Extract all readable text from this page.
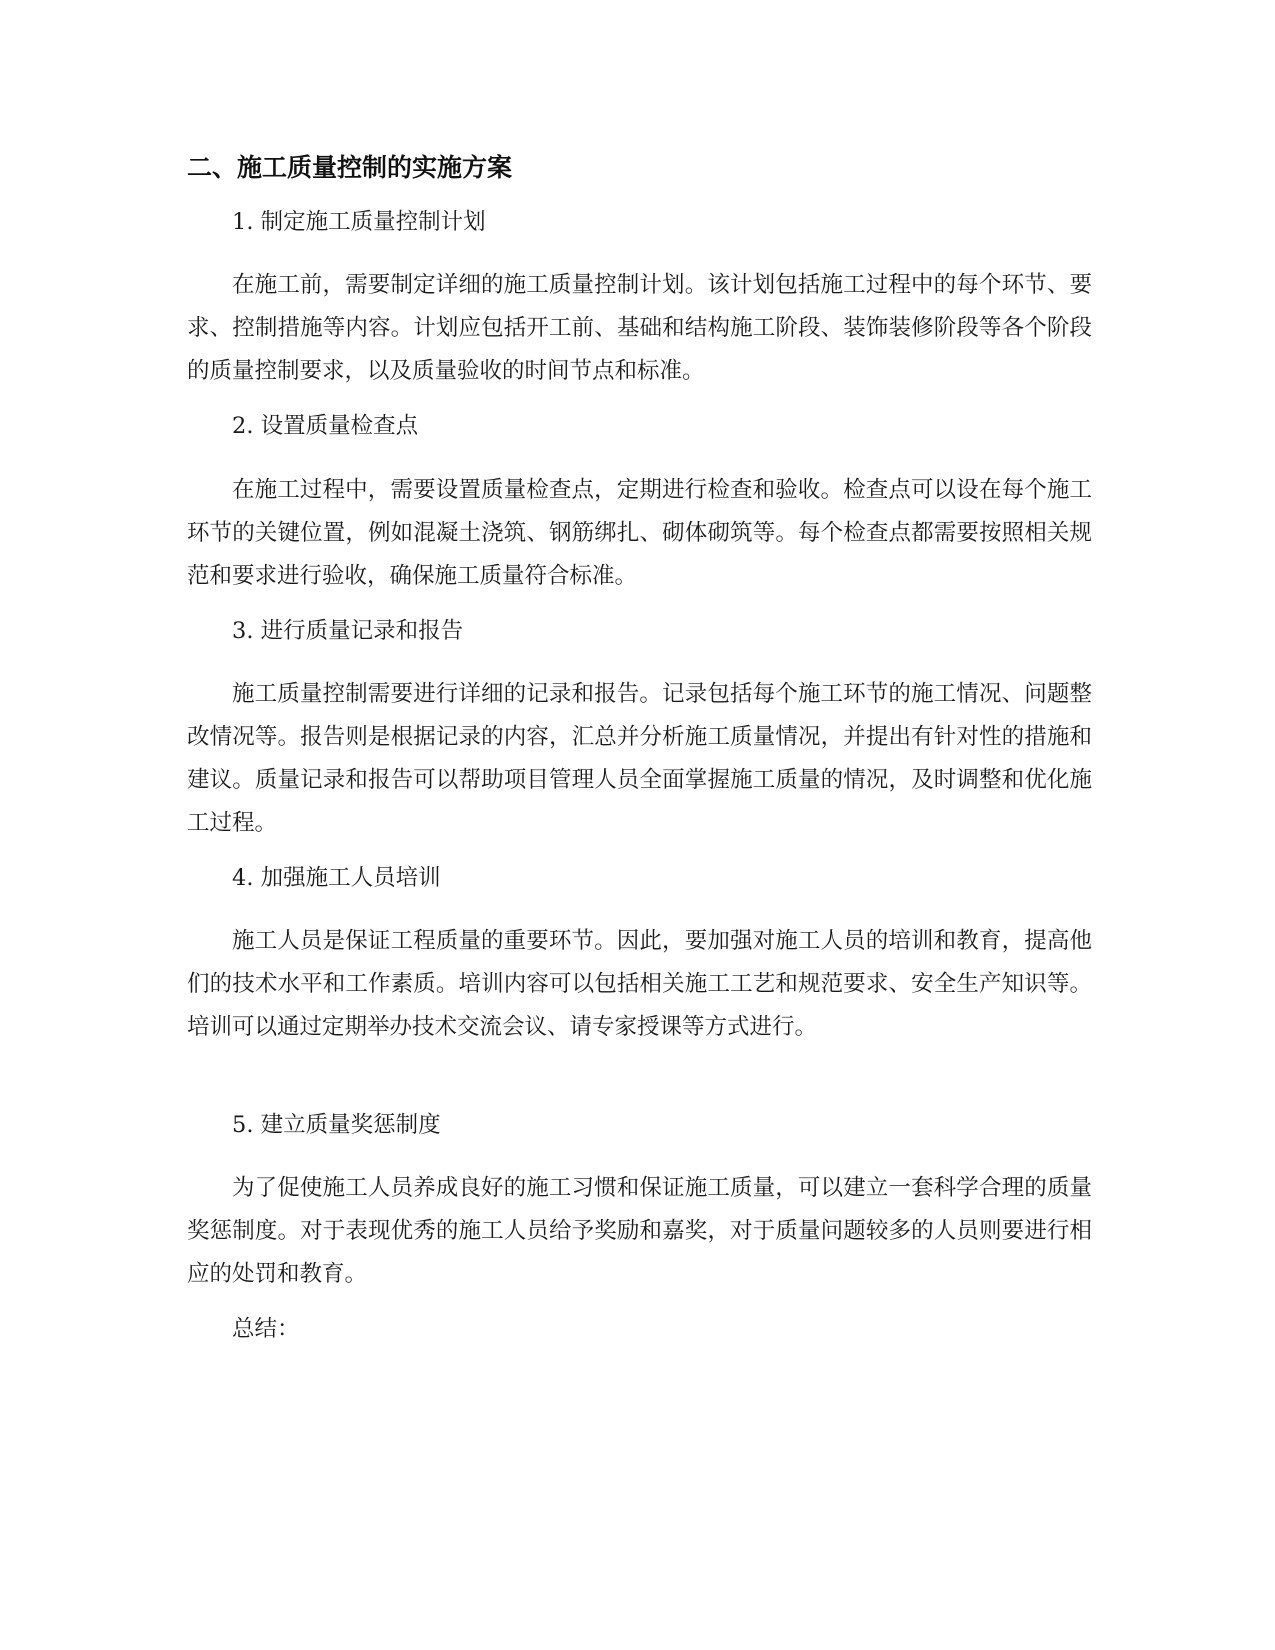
二、施工质量控制的实施方案

1. 制定施工质量控制计划

在施工前，需要制定详细的施工质量控制计划。该计划包括施工过程中的每个环节、要求、控制措施等内容。计划应包括开工前、基础和结构施工阶段、装饰装修阶段等各个阶段的质量控制要求，以及质量验收的时间节点和标准。

2. 设置质量检查点

在施工过程中，需要设置质量检查点，定期进行检查和验收。检查点可以设在每个施工环节的关键位置，例如混凝土浇筑、钢筋绑扎、砌体砌筑等。每个检查点都需要按照相关规范和要求进行验收，确保施工质量符合标准。

3. 进行质量记录和报告

施工质量控制需要进行详细的记录和报告。记录包括每个施工环节的施工情况、问题整改情况等。报告则是根据记录的内容，汇总并分析施工质量情况，并提出有针对性的措施和建议。质量记录和报告可以帮助项目管理人员全面掌握施工质量的情况，及时调整和优化施工过程。

4. 加强施工人员培训

施工人员是保证工程质量的重要环节。因此，要加强对施工人员的培训和教育，提高他们的技术水平和工作素质。培训内容可以包括相关施工工艺和规范要求、安全生产知识等。培训可以通过定期举办技术交流会议、请专家授课等方式进行。

5. 建立质量奖惩制度

为了促使施工人员养成良好的施工习惯和保证施工质量，可以建立一套科学合理的质量奖惩制度。对于表现优秀的施工人员给予奖励和嘉奖，对于质量问题较多的人员则要进行相应的处罚和教育。

总结：
